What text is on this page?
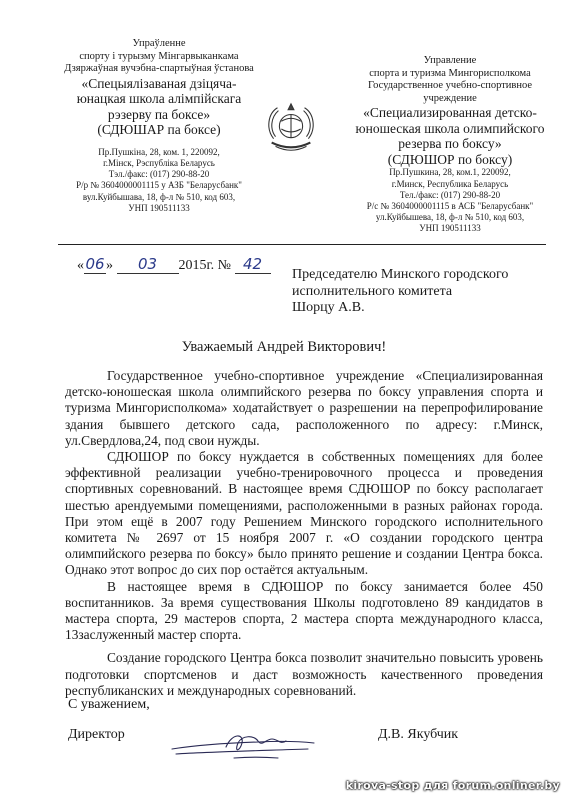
Упраўленне
спорту і турызму Мінгарвыканкама
Дзяржаўная вучэбна-спартыўная ўстанова
«Спецыялізаваная дзіцяча-
юнацкая школа алімпійскага
рэзерву па боксе»
(СДЮШАР па боксе)
Пр.Пушкіна, 28, ком. 1, 220092,
г.Мінск, Рэспубліка Беларусь
Тэл./факс: (017) 290-88-20
Р/р № 3604000001115 у АЗБ "Беларусбанк"
вул.Куйбышава, 18, ф-л № 510, код 603,
УНП 190511133
Управление
спорта и туризма Мингорисполкома
Государственное учебно-спортивное
учреждение
«Специализированная детско-
юношеская школа олимпийского
резерва по боксу»
(СДЮШОР по боксу)
Пр.Пушкина, 28, ком.1, 220092,
г.Минск, Республика Беларусь
Тел./факс: (017) 290-88-20
Р/с № 3604000001115 в АСБ "Беларусбанк"
ул.Куйбышева, 18, ф-л № 510, код 603,
УНП 190511133
«06» 03 2015г. № 42
Председателю Минского городского
исполнительного комитета
Шорцу А.В.
Уважаемый Андрей Викторович!

Государственное учебно-спортивное учреждение «Специализированная детско-юношеская школа олимпийского резерва по боксу управления спорта и туризма Мингорисполкома» ходатайствует о разрешении на перепрофилирование здания бывшего детского сада, расположенного по адресу: г.Минск, ул.Свердлова,24, под свои нужды.

СДЮШОР по боксу нуждается в собственных помещениях для более эффективной реализации учебно-тренировочного процесса и проведения спортивных соревнований. В настоящее время СДЮШОР по боксу располагает шестью арендуемыми помещениями, расположенными в разных районах города. При этом ещё в 2007 году Решением Минского городского исполнительного комитета № 2697 от 15 ноября 2007 г. «О создании городского центра олимпийского резерва по боксу» было принято решение и создании Центра бокса. Однако этот вопрос до сих пор остаётся актуальным.

В настоящее время в СДЮШОР по боксу занимается более 450 воспитанников. За время существования Школы подготовлено 89 кандидатов в мастера спорта, 29 мастеров спорта, 2 мастера спорта международного класса, 13заслуженный мастер спорта.

Создание городского Центра бокса позволит значительно повысить уровень подготовки спортсменов и даст возможность качественного проведения республиканских и международных соревнований.

С уважением,
Директор	Д.В. Якубчик
kirova-stop для forum.onliner.by
